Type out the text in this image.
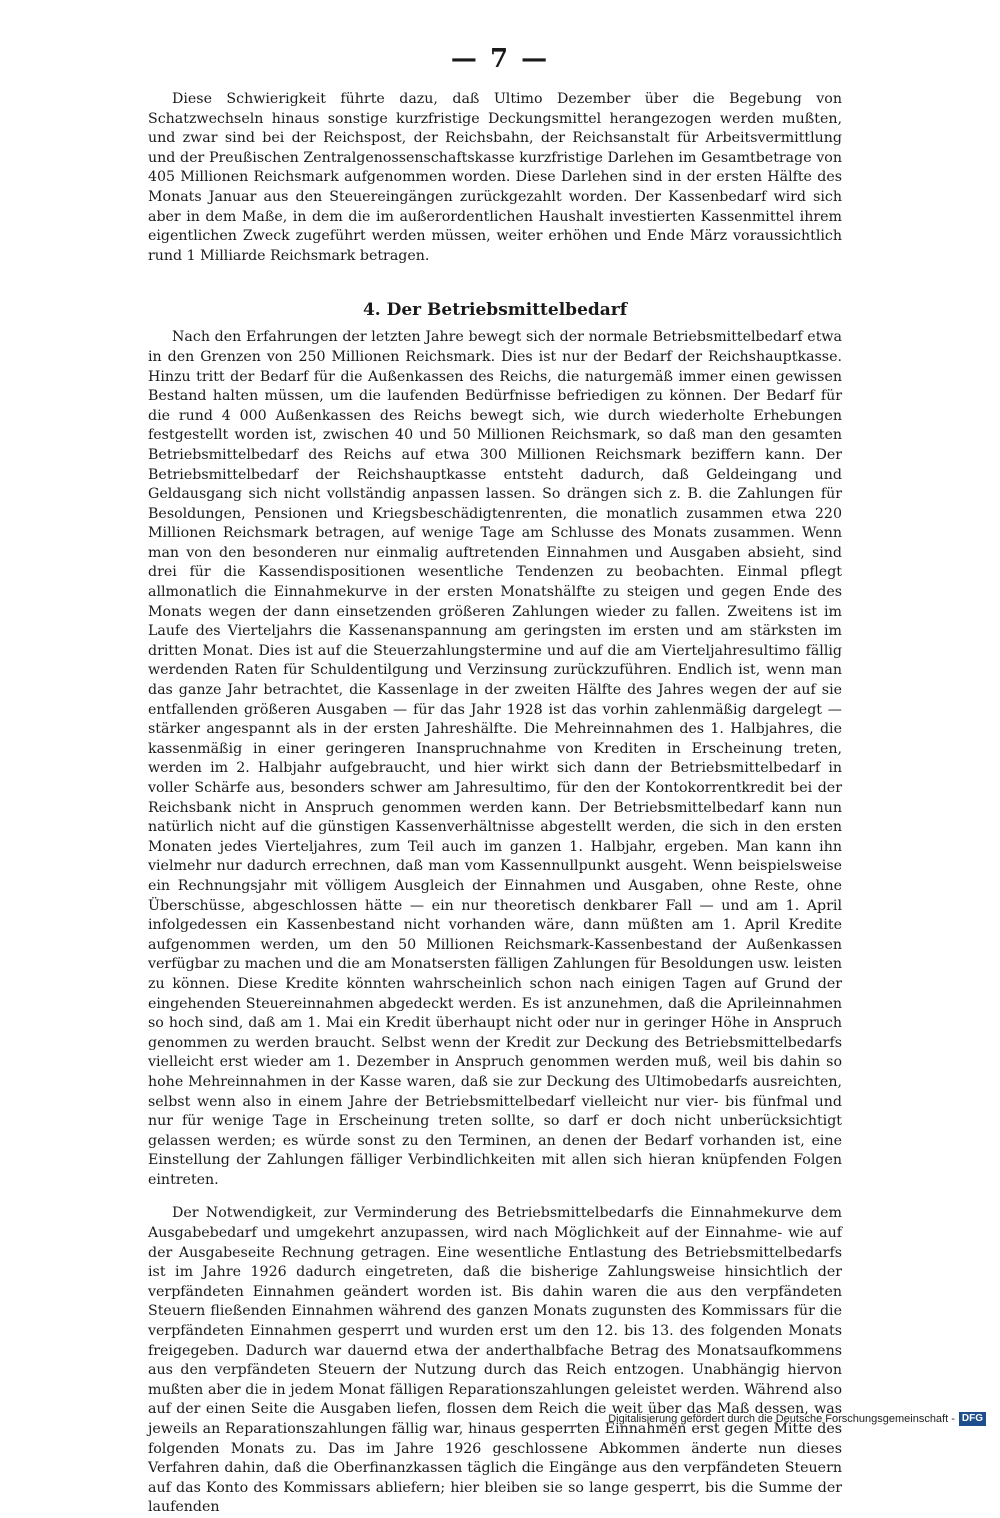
— 7 —

Diese Schwierigkeit führte dazu, daß Ultimo Dezember über die Begebung von Schatzwechseln hinaus sonstige kurzfristige Deckungsmittel herangezogen werden mußten, und zwar sind bei der Reichspost, der Reichsbahn, der Reichsanstalt für Arbeitsvermittlung und der Preußischen Zentralgenossenschaftskasse kurzfristige Darlehen im Gesamtbetrage von 405 Millionen Reichsmark aufgenommen worden. Diese Darlehen sind in der ersten Hälfte des Monats Januar aus den Steuereingängen zurückgezahlt worden. Der Kassenbedarf wird sich aber in dem Maße, in dem die im außerordentlichen Haushalt investierten Kassenmittel ihrem eigentlichen Zweck zugeführt werden müssen, weiter erhöhen und Ende März voraussichtlich rund 1 Milliarde Reichsmark betragen.

4. Der Betriebsmittelbedarf

Nach den Erfahrungen der letzten Jahre bewegt sich der normale Betriebsmittelbedarf etwa in den Grenzen von 250 Millionen Reichsmark. Dies ist nur der Bedarf der Reichshauptkasse. Hinzu tritt der Bedarf für die Außenkassen des Reichs, die naturgemäß immer einen gewissen Bestand halten müssen, um die laufenden Bedürfnisse befriedigen zu können. Der Bedarf für die rund 4 000 Außenkassen des Reichs bewegt sich, wie durch wiederholte Erhebungen festgestellt worden ist, zwischen 40 und 50 Millionen Reichsmark, so daß man den gesamten Betriebsmittelbedarf des Reichs auf etwa 300 Millionen Reichsmark beziffern kann. Der Betriebsmittelbedarf der Reichshauptkasse entsteht dadurch, daß Geldeingang und Geldausgang sich nicht vollständig anpassen lassen. So drängen sich z. B. die Zahlungen für Besoldungen, Pensionen und Kriegsbeschädigtenrenten, die monatlich zusammen etwa 220 Millionen Reichsmark betragen, auf wenige Tage am Schlusse des Monats zusammen. Wenn man von den besonderen nur einmalig auftretenden Einnahmen und Ausgaben absieht, sind drei für die Kassendispositionen wesentliche Tendenzen zu beobachten. Einmal pflegt allmonatlich die Einnahmekurve in der ersten Monatshälfte zu steigen und gegen Ende des Monats wegen der dann einsetzenden größeren Zahlungen wieder zu fallen. Zweitens ist im Laufe des Vierteljahrs die Kassenanspannung am geringsten im ersten und am stärksten im dritten Monat. Dies ist auf die Steuerzahlungstermine und auf die am Vierteljahresultimo fällig werdenden Raten für Schuldentilgung und Verzinsung zurückzuführen. Endlich ist, wenn man das ganze Jahr betrachtet, die Kassenlage in der zweiten Hälfte des Jahres wegen der auf sie entfallenden größeren Ausgaben — für das Jahr 1928 ist das vorhin zahlenmäßig dargelegt — stärker angespannt als in der ersten Jahreshälfte. Die Mehreinnahmen des 1. Halbjahres, die kassenmäßig in einer geringeren Inanspruchnahme von Krediten in Erscheinung treten, werden im 2. Halbjahr aufgebraucht, und hier wirkt sich dann der Betriebsmittelbedarf in voller Schärfe aus, besonders schwer am Jahresultimo, für den der Kontokorrentkredit bei der Reichsbank nicht in Anspruch genommen werden kann. Der Betriebsmittelbedarf kann nun natürlich nicht auf die günstigen Kassenverhältnisse abgestellt werden, die sich in den ersten Monaten jedes Vierteljahres, zum Teil auch im ganzen 1. Halbjahr, ergeben. Man kann ihn vielmehr nur dadurch errechnen, daß man vom Kassennullpunkt ausgeht. Wenn beispielsweise ein Rechnungsjahr mit völligem Ausgleich der Einnahmen und Ausgaben, ohne Reste, ohne Überschüsse, abgeschlossen hätte — ein nur theoretisch denkbarer Fall — und am 1. April infolgedessen ein Kassenbestand nicht vorhanden wäre, dann müßten am 1. April Kredite aufgenommen werden, um den 50 Millionen Reichsmark-Kassenbestand der Außenkassen verfügbar zu machen und die am Monatsersten fälligen Zahlungen für Besoldungen usw. leisten zu können. Diese Kredite könnten wahrscheinlich schon nach einigen Tagen auf Grund der eingehenden Steuereinnahmen abgedeckt werden. Es ist anzunehmen, daß die Aprileinnahmen so hoch sind, daß am 1. Mai ein Kredit überhaupt nicht oder nur in geringer Höhe in Anspruch genommen zu werden braucht. Selbst wenn der Kredit zur Deckung des Betriebsmittelbedarfs vielleicht erst wieder am 1. Dezember in Anspruch genommen werden muß, weil bis dahin so hohe Mehreinnahmen in der Kasse waren, daß sie zur Deckung des Ultimobedarfs ausreichten, selbst wenn also in einem Jahre der Betriebsmittelbedarf vielleicht nur vier- bis fünfmal und nur für wenige Tage in Erscheinung treten sollte, so darf er doch nicht unberücksichtigt gelassen werden; es würde sonst zu den Terminen, an denen der Bedarf vorhanden ist, eine Einstellung der Zahlungen fälliger Verbindlichkeiten mit allen sich hieran knüpfenden Folgen eintreten.

Der Notwendigkeit, zur Verminderung des Betriebsmittelbedarfs die Einnahmekurve dem Ausgabebedarf und umgekehrt anzupassen, wird nach Möglichkeit auf der Einnahme- wie auf der Ausgabeseite Rechnung getragen. Eine wesentliche Entlastung des Betriebsmittelbedarfs ist im Jahre 1926 dadurch eingetreten, daß die bisherige Zahlungsweise hinsichtlich der verpfändeten Einnahmen geändert worden ist. Bis dahin waren die aus den verpfändeten Steuern fließenden Einnahmen während des ganzen Monats zugunsten des Kommissars für die verpfändeten Einnahmen gesperrt und wurden erst um den 12. bis 13. des folgenden Monats freigegeben. Dadurch war dauernd etwa der anderthalbfache Betrag des Monatsaufkommens aus den verpfändeten Steuern der Nutzung durch das Reich entzogen. Unabhängig hiervon mußten aber die in jedem Monat fälligen Reparationszahlungen geleistet werden. Während also auf der einen Seite die Ausgaben liefen, flossen dem Reich die weit über das Maß dessen, was jeweils an Reparationszahlungen fällig war, hinaus gesperrten Einnahmen erst gegen Mitte des folgenden Monats zu. Das im Jahre 1926 geschlossene Abkommen änderte nun dieses Verfahren dahin, daß die Oberfinanzkassen täglich die Eingänge aus den verpfändeten Steuern auf das Konto des Kommissars abliefern; hier bleiben sie so lange gesperrt, bis die Summe der laufenden

Digitalisierung gefördert durch die Deutsche Forschungsgemeinschaft - DFG
